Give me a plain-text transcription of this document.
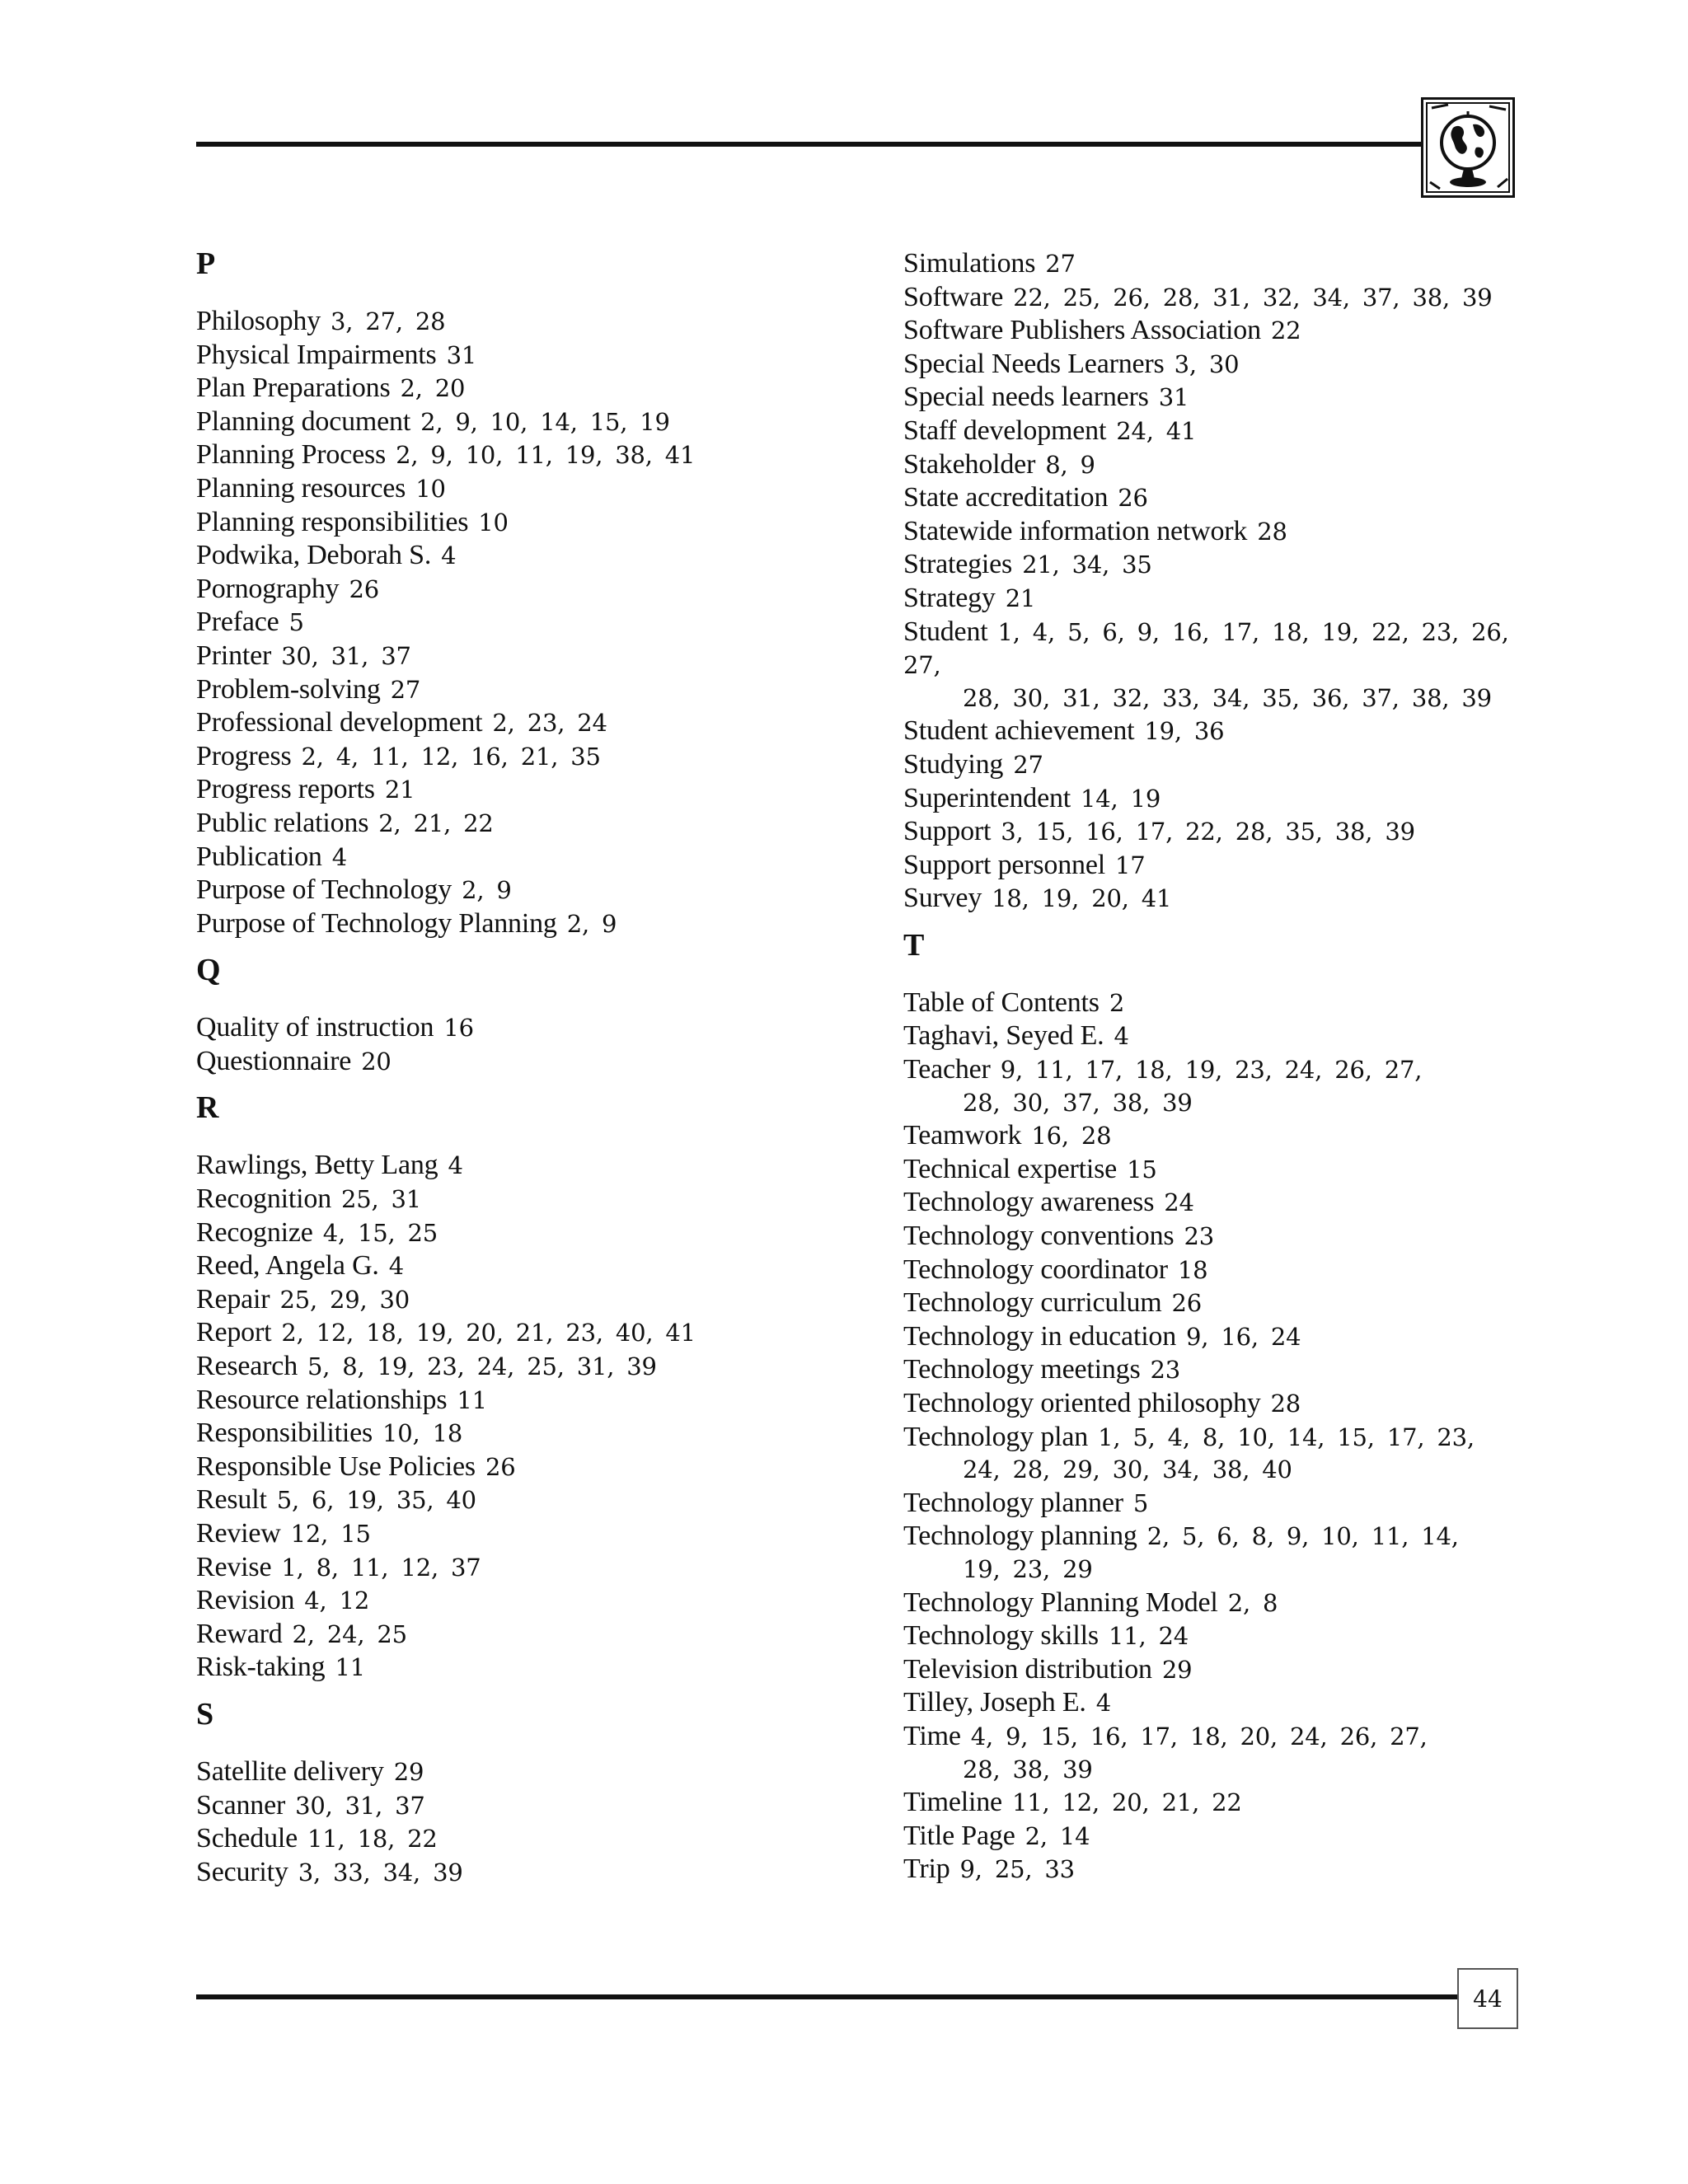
P
Philosophy 3, 27, 28
Physical Impairments 31
Plan Preparations 2, 20
Planning document 2, 9, 10, 14, 15, 19
Planning Process 2, 9, 10, 11, 19, 38, 41
Planning resources 10
Planning responsibilities 10
Podwika, Deborah S. 4
Pornography 26
Preface 5
Printer 30, 31, 37
Problem-solving 27
Professional development 2, 23, 24
Progress 2, 4, 11, 12, 16, 21, 35
Progress reports 21
Public relations 2, 21, 22
Publication 4
Purpose of Technology 2, 9
Purpose of Technology Planning 2, 9
Q
Quality of instruction 16
Questionnaire 20
R
Rawlings, Betty Lang 4
Recognition 25, 31
Recognize 4, 15, 25
Reed, Angela G. 4
Repair 25, 29, 30
Report 2, 12, 18, 19, 20, 21, 23, 40, 41
Research 5, 8, 19, 23, 24, 25, 31, 39
Resource relationships 11
Responsibilities 10, 18
Responsible Use Policies 26
Result 5, 6, 19, 35, 40
Review 12, 15
Revise 1, 8, 11, 12, 37
Revision 4, 12
Reward 2, 24, 25
Risk-taking 11
S
Satellite delivery 29
Scanner 30, 31, 37
Schedule 11, 18, 22
Security 3, 33, 34, 39
Simulations 27
Software 22, 25, 26, 28, 31, 32, 34, 37, 38, 39
Software Publishers Association 22
Special Needs Learners 3, 30
Special needs learners 31
Staff development 24, 41
Stakeholder 8, 9
State accreditation 26
Statewide information network 28
Strategies 21, 34, 35
Strategy 21
Student 1, 4, 5, 6, 9, 16, 17, 18, 19, 22, 23, 26, 27,
28, 30, 31, 32, 33, 34, 35, 36, 37, 38, 39
Student achievement 19, 36
Studying 27
Superintendent 14, 19
Support 3, 15, 16, 17, 22, 28, 35, 38, 39
Support personnel 17
Survey 18, 19, 20, 41
T
Table of Contents 2
Taghavi, Seyed E. 4
Teacher 9, 11, 17, 18, 19, 23, 24, 26, 27,
28, 30, 37, 38, 39
Teamwork 16, 28
Technical expertise 15
Technology awareness 24
Technology conventions 23
Technology coordinator 18
Technology curriculum 26
Technology in education 9, 16, 24
Technology meetings 23
Technology oriented philosophy 28
Technology plan 1, 5, 4, 8, 10, 14, 15, 17, 23,
24, 28, 29, 30, 34, 38, 40
Technology planner 5
Technology planning 2, 5, 6, 8, 9, 10, 11, 14,
19, 23, 29
Technology Planning Model 2, 8
Technology skills 11, 24
Television distribution 29
Tilley, Joseph E. 4
Time 4, 9, 15, 16, 17, 18, 20, 24, 26, 27,
28, 38, 39
Timeline 11, 12, 20, 21, 22
Title Page 2, 14
Trip 9, 25, 33
44
